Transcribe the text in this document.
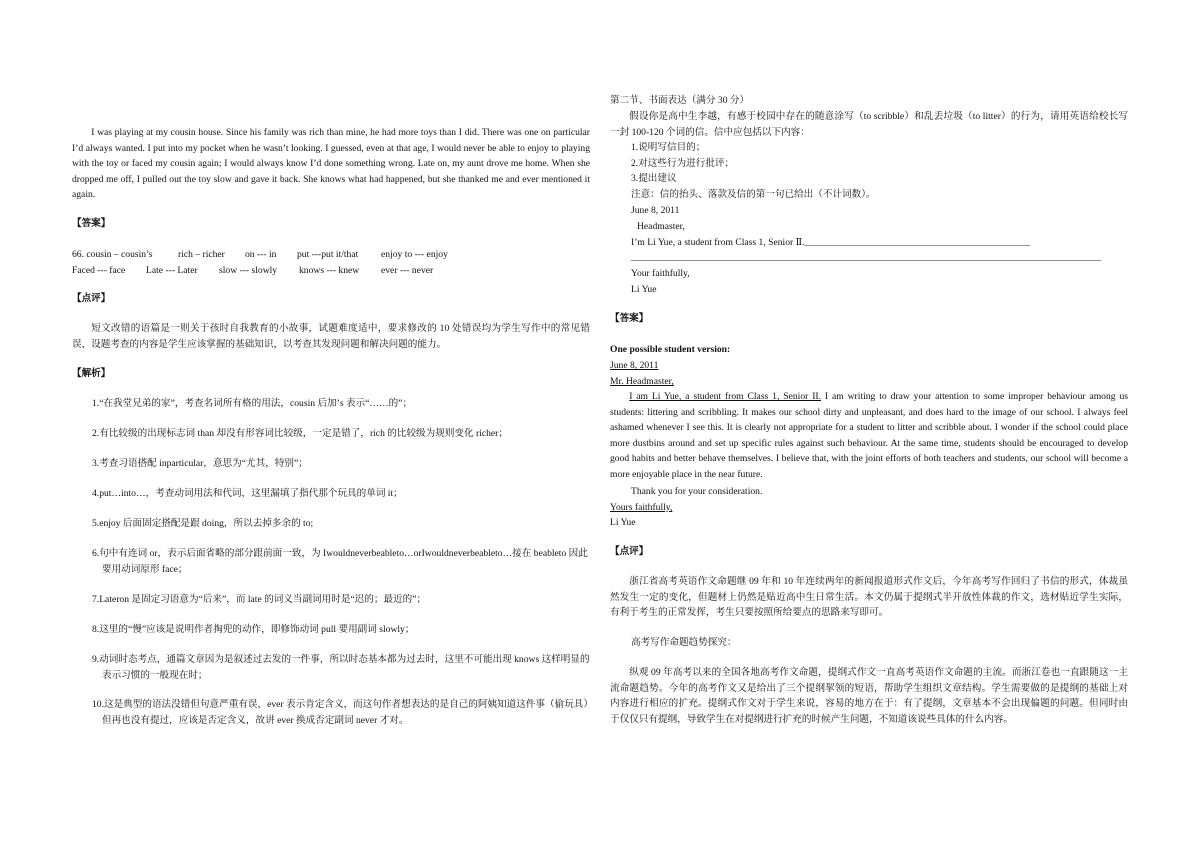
I was playing at my cousin house. Since his family was rich than mine, he had more toys than I did. There was one on particular I’d always wanted. I put into my pocket when he wasn’t looking. I guessed, even at that age, I would never be able to enjoy to playing with the toy or faced my cousin again; I would always know I’d done something wrong. Late on, my aunt drove me home. When she dropped me off, I pulled out the toy slow and gave it back. She knows what had happened, but she thanked me and ever mentioned it again.

【答案】
66. cousin – cousin’s	rich – richer on --- in put ---put it/that enjoy to --- enjoy
Faced --- face Late --- Later slow --- slowly knows --- knew ever --- never
【点评】

短文改错的语篇是一则关于孩时自我教育的小故事，试题难度适中，要求修改的 10 处错误均为学生写作中的常见错误，设题考查的内容是学生应该掌握的基础知识，以考查其发现问题和解决问题的能力。

【解析】

1.“在我堂兄弟的家”，考查名词所有格的用法，cousin 后加’s 表示“……的”；

2.有比较级的出现标志词 than 却没有形容词比较级，一定是错了，rich 的比较级为规则变化 richer；

3.考查习语搭配 inparticular，意思为“尤其，特别”；

4.put…into…，考查动词用法和代词，这里漏填了指代那个玩具的单词 it；

5.enjoy 后面固定搭配是跟 doing，所以去掉多余的 to;

6.句中有连词 or，表示后面省略的部分跟前面一致，为 Iwouldneverbeableto…orIwouldneverbeableto…接在 beableto 因此要用动词原形 face；

7.Lateron 是固定习语意为“后来”，而 late 的词义当副词用时是“迟的；最近的”；

8.这里的“慢”应该是说明作者掏兜的动作，即修饰动词 pull 要用副词 slowly；

9.动词时态考点，通篇文章因为是叙述过去发的一件事，所以时态基本都为过去时，这里不可能出现 knows 这样明显的表示习惯的一般现在时；

10.这是典型的语法没错但句意严重有误，ever 表示肯定含义，而这句作者想表达的是自己的阿姨知道这件事（偷玩具）但再也没有提过，应该是否定含义，故讲 ever 换成否定副词 never 才对。

第二节、书面表达（满分 30 分）

假设你是高中生李越，有感于校园中存在的随意涂写（to scribble）和乱丢垃圾（to litter）的行为，请用英语给校长写一封 100-120 个词的信。信中应包括以下内容：

1.说明写信目的；
2.对这些行为进行批评；
3.提出建议
注意：信的抬头、落款及信的第一句已给出（不计词数）。
June 8, 2011
Headmaster,
I’m Li Yue, a student from Class 1, Senior Ⅱ._______________________________________________
__________________________________________________________________________________________________
Your faithfully,
Li Yue
【答案】
One possible student version:
June 8, 2011
Mr. Headmaster,

I am Li Yue, a student from Class 1, Senior II. I am writing to draw your attention to some improper behaviour among us students: littering and scribbling. It makes our school dirty and unpleasant, and does hard to the image of our school. I always feel ashamed whenever I see this. It is clearly not appropriate for a student to litter and scribble about. I wonder if the school could place more dustbins around and set up specific rules against such behaviour. At the same time, students should be encouraged to develop good habits and better behave themselves. I believe that, with the joint efforts of both teachers and students, our school will become a more enjoyable place in the near future.

Thank you for your consideration.
Yours faithfully,
Li Yue
【点评】

浙江省高考英语作文命题继 09 年和 10 年连续两年的新闻报道形式作文后，今年高考写作回归了书信的形式，体裁虽然发生一定的变化，但题材上仍然是贴近高中生日常生活。本文仍属于提纲式半开放性体裁的作文，选材贴近学生实际，有利于考生的正常发挥，考生只要按照所给要点的思路来写即可。

高考写作命题趋势探究：

纵观 09 年高考以来的全国各地高考作文命题，提纲式作文一直高考英语作文命题的主流。而浙江卷也一直跟随这一主流命题趋势。今年的高考作文又是给出了三个提纲挈领的短语，帮助学生组织文章结构。学生需要做的是提纲的基础上对内容进行相应的扩充。提纲式作文对于学生来说，容易的地方在于：有了提纲，文章基本不会出现偏题的问题。但同时由于仅仅只有提纲，导致学生在对提纲进行扩充的时候产生问题，不知道该说些具体的什么内容。
